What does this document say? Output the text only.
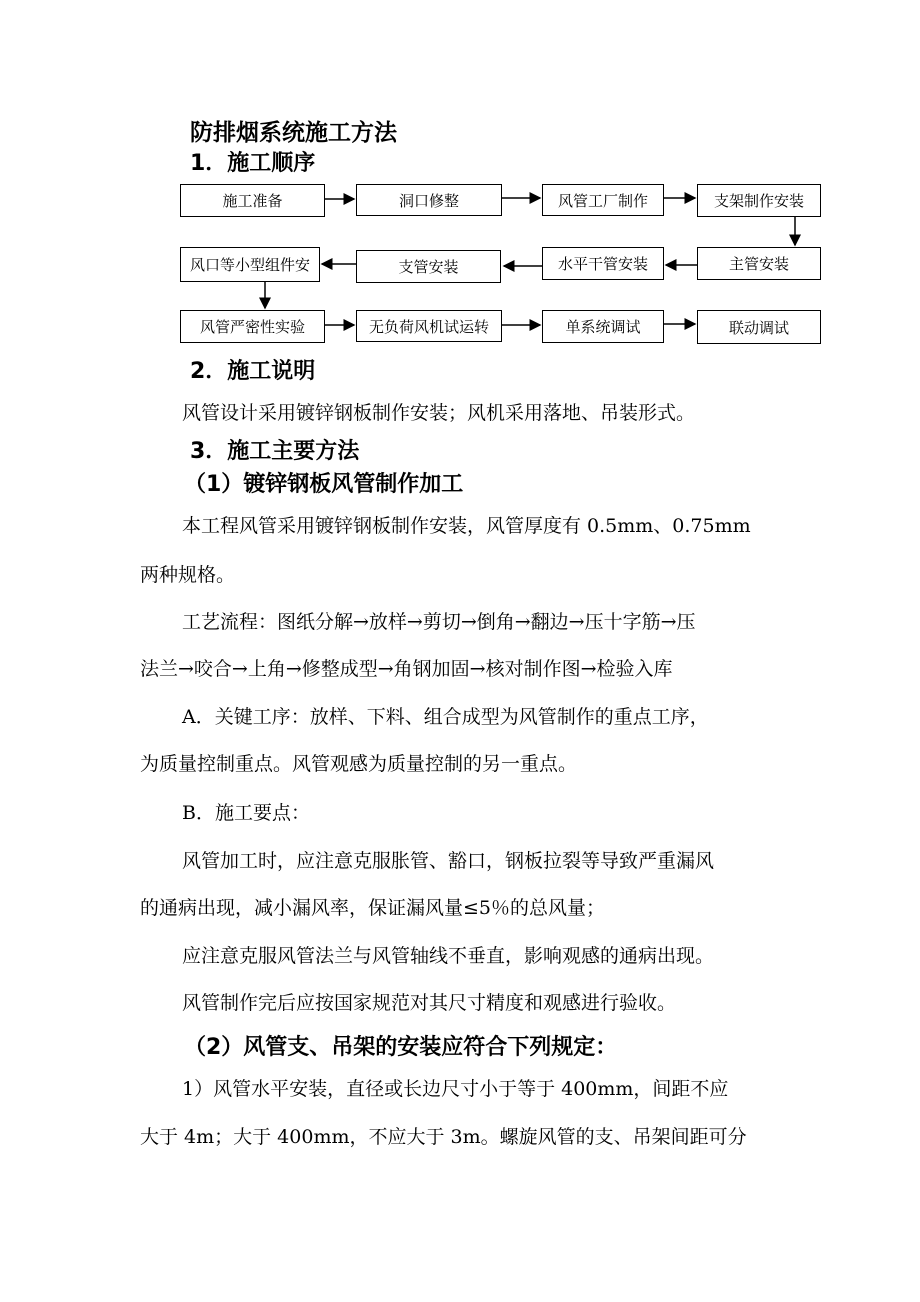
防排烟系统施工方法
1．施工顺序
施工准备	洞口修整	风管工厂制作	支架制作安装
风口等小型组件安	支管安装	水平干管安装	主管安装
风管严密性实验	无负荷风机试运转	单系统调试	联动调试
2．施工说明
风管设计采用镀锌钢板制作安装；风机采用落地、吊装形式。
3．施工主要方法
（1）镀锌钢板风管制作加工
本工程风管采用镀锌钢板制作安装，风管厚度有 0.5mm、0.75mm
两种规格。
工艺流程：图纸分解→放样→剪切→倒角→翻边→压十字筋→压
法兰→咬合→上角→修整成型→角钢加固→核对制作图→检验入库
A．关键工序：放样、下料、组合成型为风管制作的重点工序，
为质量控制重点。风管观感为质量控制的另一重点。
B．施工要点：
风管加工时，应注意克服胀管、豁口，钢板拉裂等导致严重漏风
的通病出现，减小漏风率，保证漏风量≤5％的总风量；
应注意克服风管法兰与风管轴线不垂直，影响观感的通病出现。
风管制作完后应按国家规范对其尺寸精度和观感进行验收。
（2）风管支、吊架的安装应符合下列规定：
1）风管水平安装，直径或长边尺寸小于等于 400mm，间距不应
大于 4m；大于 400mm，不应大于 3m。螺旋风管的支、吊架间距可分
